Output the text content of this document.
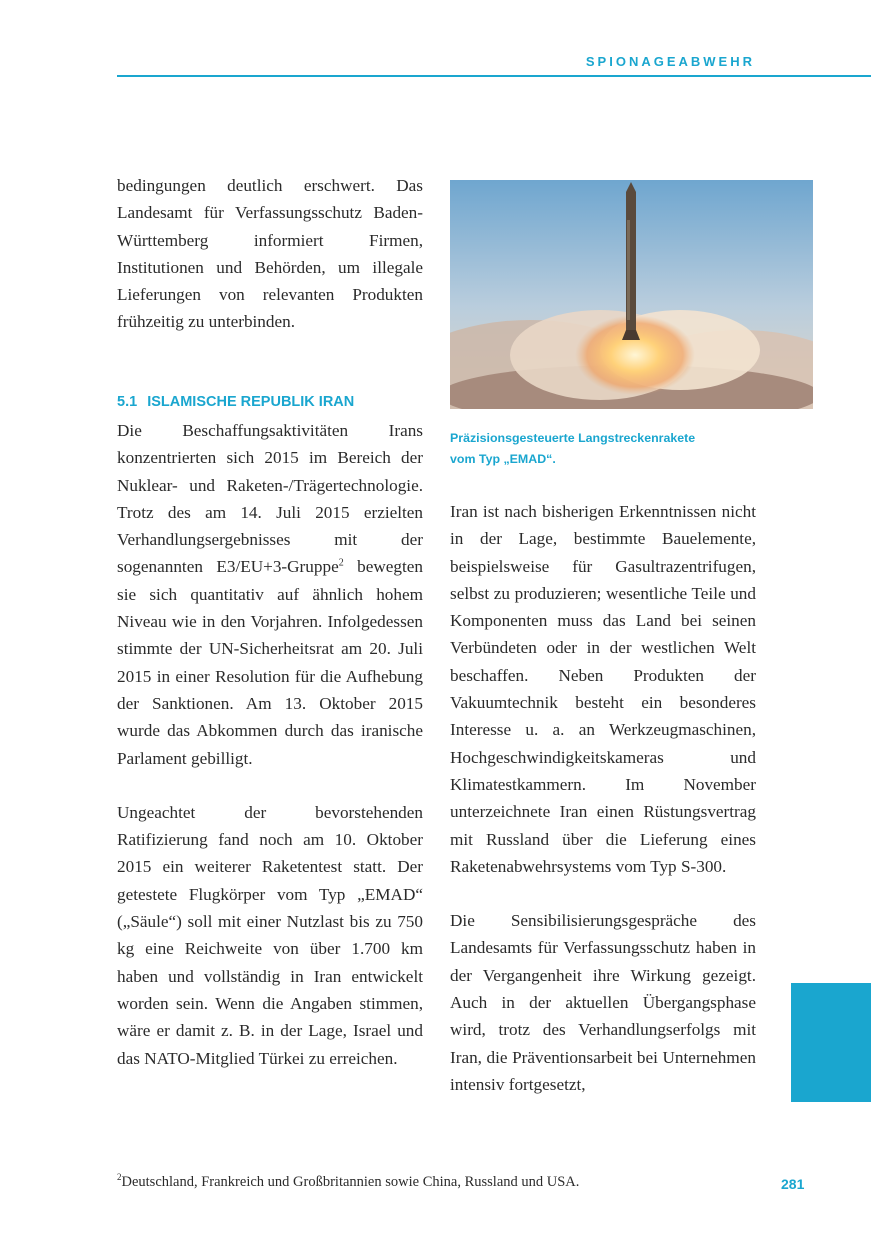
SPIONAGEABWEHR

bedingungen deutlich erschwert. Das Landesamt für Verfassungsschutz Baden-Württemberg informiert Firmen, Institutionen und Behörden, um illegale Lieferungen von relevanten Produkten frühzeitig zu unterbinden.

5.1 ISLAMISCHE REPUBLIK IRAN

Die Beschaffungsaktivitäten Irans konzentrierten sich 2015 im Bereich der Nuklear- und Raketen-/Trägertechnologie. Trotz des am 14. Juli 2015 erzielten Verhandlungsergebnisses mit der sogenannten E3/EU+3-Gruppe$^2$ bewegten sie sich quantitativ auf ähnlich hohem Niveau wie in den Vorjahren. Infolgedessen stimmte der UN-Sicherheitsrat am 20. Juli 2015 in einer Resolution für die Aufhebung der Sanktionen. Am 13. Oktober 2015 wurde das Abkommen durch das iranische Parlament gebilligt.

Ungeachtet der bevorstehenden Ratifizierung fand noch am 10. Oktober 2015 ein weiterer Raketentest statt. Der getestete Flugkörper vom Typ „EMAD“ („Säule“) soll mit einer Nutzlast bis zu 750 kg eine Reichweite von über 1.700 km haben und vollständig in Iran entwickelt worden sein. Wenn die Angaben stimmen, wäre er damit z. B. in der Lage, Israel und das NATO-Mitglied Türkei zu erreichen.

Präzisionsgesteuerte Langstreckenrakete
vom Typ „EMAD“.

Iran ist nach bisherigen Erkenntnissen nicht in der Lage, bestimmte Bauelemente, beispielsweise für Gasultrazentrifugen, selbst zu produzieren; wesentliche Teile und Komponenten muss das Land bei seinen Verbündeten oder in der westlichen Welt beschaffen. Neben Produkten der Vakuumtechnik besteht ein besonderes Interesse u. a. an Werkzeugmaschinen, Hochgeschwindigkeitskameras und Klimatestkammern. Im November unterzeichnete Iran einen Rüstungsvertrag mit Russland über die Lieferung eines Raketenabwehrsystems vom Typ S-300.

Die Sensibilisierungsgespräche des Landesamts für Verfassungsschutz haben in der Vergangenheit ihre Wirkung gezeigt. Auch in der aktuellen Übergangsphase wird, trotz des Verhandlungserfolgs mit Iran, die Präventionsarbeit bei Unternehmen intensiv fortgesetzt,

$^2$Deutschland, Frankreich und Großbritannien sowie China, Russland und USA.	281
